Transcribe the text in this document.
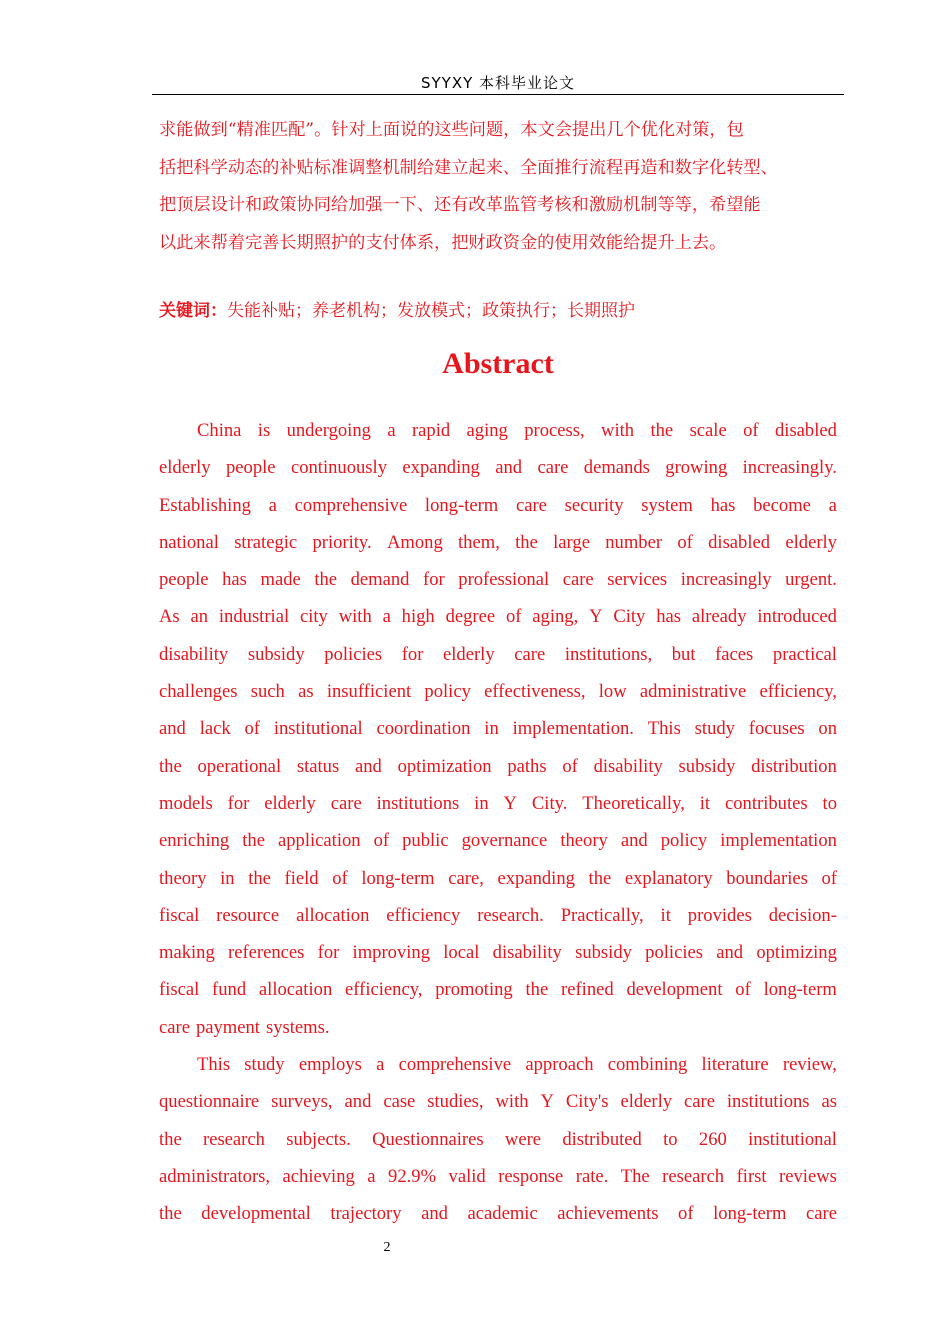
SYYXY 本科毕业论文
求能做到“精准匹配”。针对上面说的这些问题，本文会提出几个优化对策，包
括把科学动态的补贴标准调整机制给建立起来、全面推行流程再造和数字化转型、
把顶层设计和政策协同给加强一下、还有改革监管考核和激励机制等等，希望能
以此来帮着完善长期照护的支付体系，把财政资金的使用效能给提升上去。
关键词：失能补贴；养老机构；发放模式；政策执行；长期照护
Abstract
China is undergoing a rapid aging process, with the scale of disabled
elderly people continuously expanding and care demands growing increasingly.
Establishing a comprehensive long-term care security system has become a
national strategic priority. Among them, the large number of disabled elderly
people has made the demand for professional care services increasingly urgent.
As an industrial city with a high degree of aging, Y City has already introduced
disability subsidy policies for elderly care institutions, but faces practical
challenges such as insufficient policy effectiveness, low administrative efficiency,
and lack of institutional coordination in implementation. This study focuses on
the operational status and optimization paths of disability subsidy distribution
models for elderly care institutions in Y City. Theoretically, it contributes to
enriching the application of public governance theory and policy implementation
theory in the field of long-term care, expanding the explanatory boundaries of
fiscal resource allocation efficiency research. Practically, it provides decision-
making references for improving local disability subsidy policies and optimizing
fiscal fund allocation efficiency, promoting the refined development of long-term
care payment systems.
This study employs a comprehensive approach combining literature review,
questionnaire surveys, and case studies, with Y City's elderly care institutions as
the research subjects. Questionnaires were distributed to 260 institutional
administrators, achieving a 92.9% valid response rate. The research first reviews
the developmental trajectory and academic achievements of long-term care
2
